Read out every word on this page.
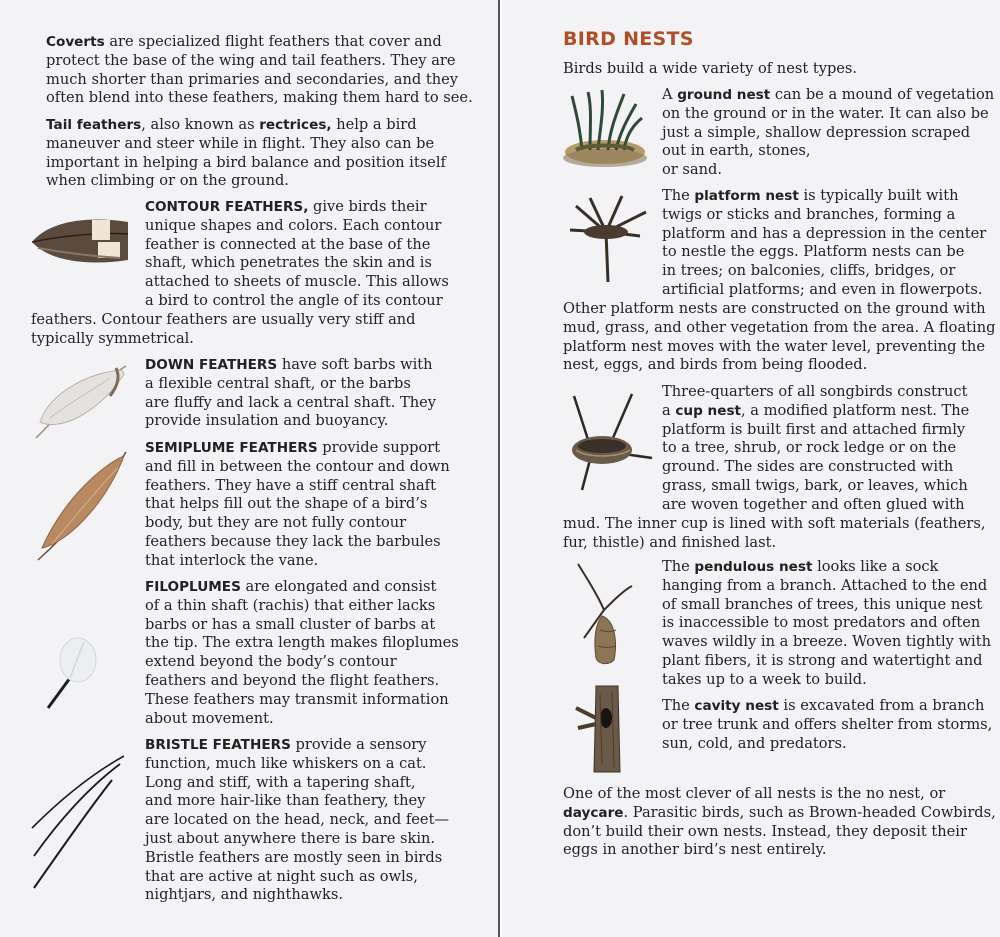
Coverts are specialized flight feathers that cover and
protect the base of the wing and tail feathers. They are
much shorter than primaries and secondaries, and they
often blend into these feathers, making them hard to see.

Tail feathers, also known as rectrices, help a bird
maneuver and steer while in flight. They also can be
important in helping a bird balance and position itself
when climbing or on the ground.

CONTOUR FEATHERS, give birds their
unique shapes and colors. Each contour
feather is connected at the base of the
shaft, which penetrates the skin and is
attached to sheets of muscle. This allows
a bird to control the angle of its contour

feathers. Contour feathers are usually very stiff and
typically symmetrical.

DOWN FEATHERS have soft barbs with
a flexible central shaft, or the barbs
are fluffy and lack a central shaft. They
provide insulation and buoyancy.

SEMIPLUME FEATHERS provide support
and fill in between the contour and down
feathers. They have a stiff central shaft
that helps fill out the shape of a bird’s
body, but they are not fully contour
feathers because they lack the barbules
that interlock the vane.

FILOPLUMES are elongated and consist
of a thin shaft (rachis) that either lacks
barbs or has a small cluster of barbs at
the tip. The extra length makes filoplumes
extend beyond the body’s contour
feathers and beyond the flight feathers.
These feathers may transmit information
about movement.

BRISTLE FEATHERS provide a sensory
function, much like whiskers on a cat.
Long and stiff, with a tapering shaft,
and more hair-like than feathery, they
are located on the head, neck, and feet—
just about anywhere there is bare skin.
Bristle feathers are mostly seen in birds
that are active at night such as owls,
nightjars, and nighthawks.

BIRD NESTS

Birds build a wide variety of nest types.

A ground nest can be a mound of vegetation
on the ground or in the water. It can also be
just a simple, shallow depression scraped
out in earth, stones,
or sand.

The platform nest is typically built with
twigs or sticks and branches, forming a
platform and has a depression in the center
to nestle the eggs. Platform nests can be
in trees; on balconies, cliffs, bridges, or
artificial platforms; and even in flowerpots.

Other platform nests are constructed on the ground with
mud, grass, and other vegetation from the area. A floating
platform nest moves with the water level, preventing the
nest, eggs, and birds from being flooded.

Three-quarters of all songbirds construct
a cup nest, a modified platform nest. The
platform is built first and attached firmly
to a tree, shrub, or rock ledge or on the
ground. The sides are constructed with
grass, small twigs, bark, or leaves, which
are woven together and often glued with

mud. The inner cup is lined with soft materials (feathers,
fur, thistle) and finished last.

The pendulous nest looks like a sock
hanging from a branch. Attached to the end
of small branches of trees, this unique nest
is inaccessible to most predators and often
waves wildly in a breeze. Woven tightly with
plant fibers, it is strong and watertight and
takes up to a week to build.

The cavity nest is excavated from a branch
or tree trunk and offers shelter from storms,
sun, cold, and predators.

One of the most clever of all nests is the no nest, or
daycare. Parasitic birds, such as Brown-headed Cowbirds,
don’t build their own nests. Instead, they deposit their
eggs in another bird’s nest entirely.
